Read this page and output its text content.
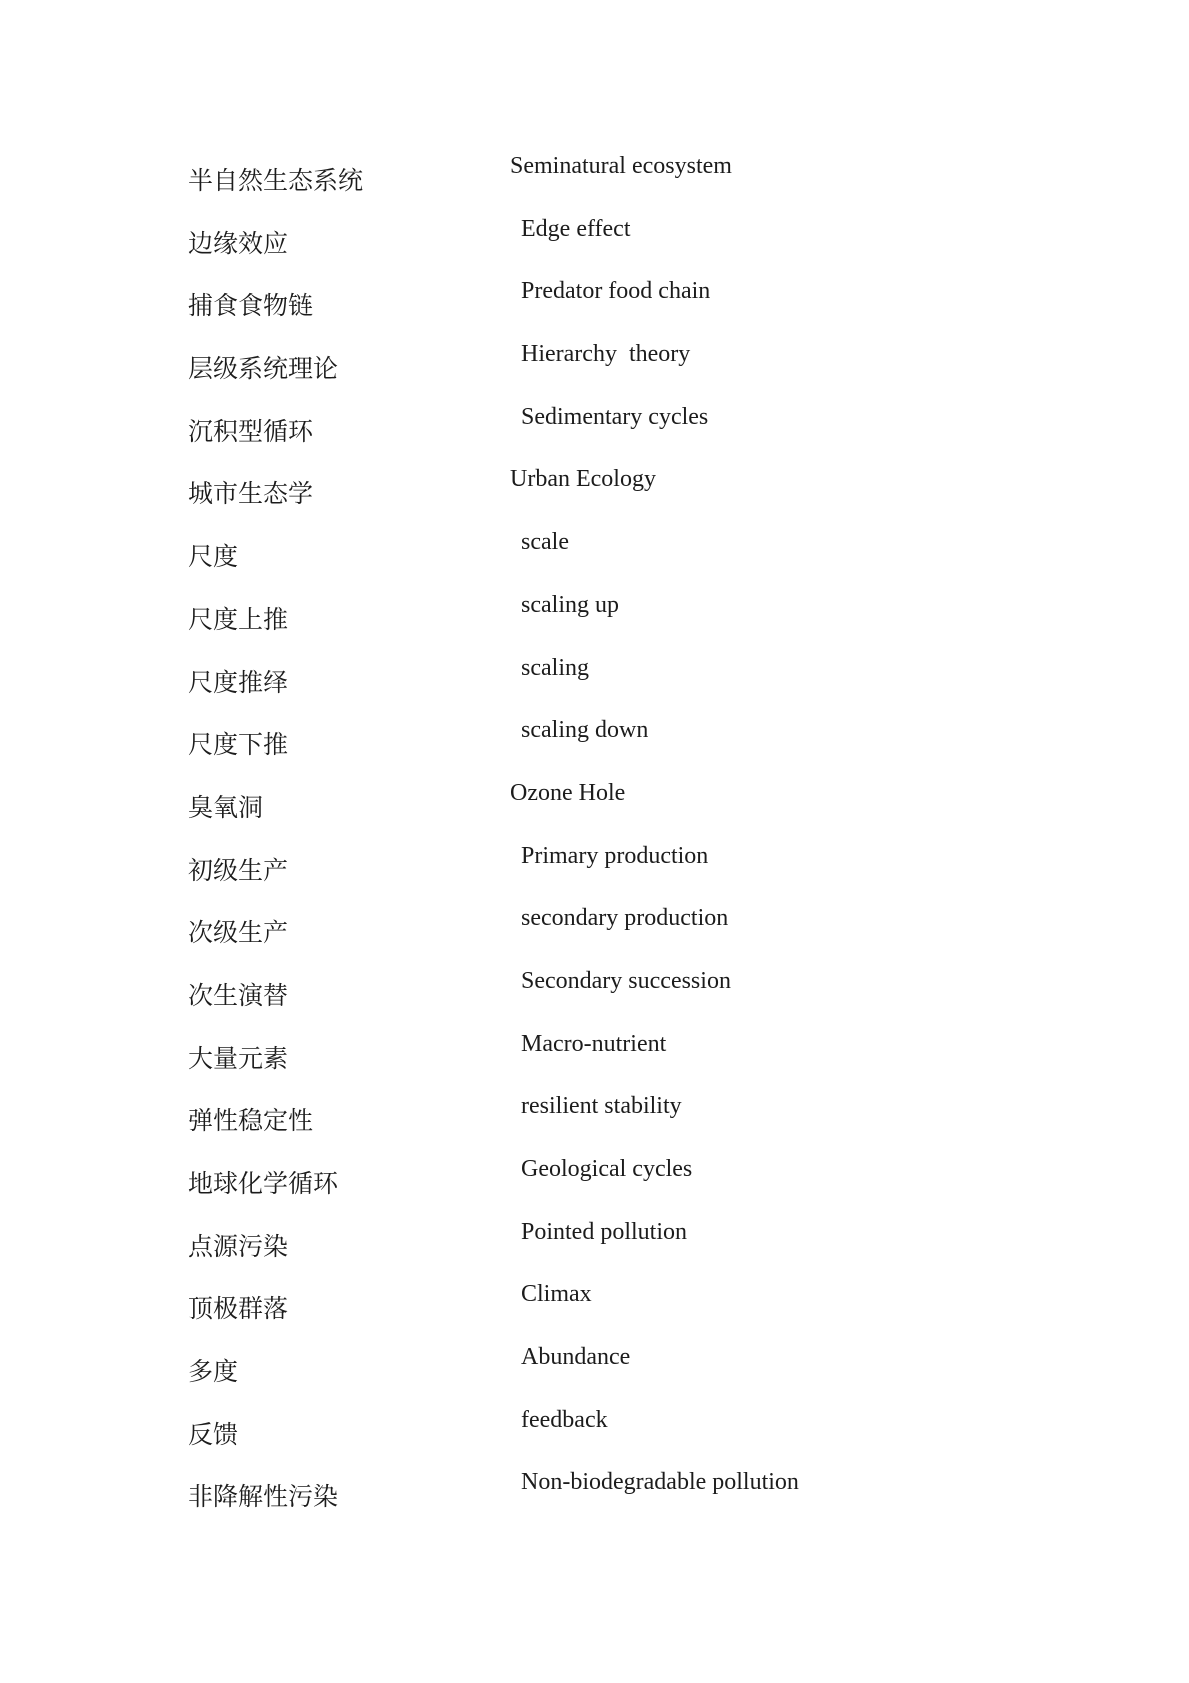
半自然生态系统
Seminatural ecosystem
边缘效应
Edge effect
捕食食物链
Predator food chain
层级系统理论
Hierarchy  theory
沉积型循环
Sedimentary cycles
城市生态学
Urban Ecology
尺度
scale
尺度上推
scaling up
尺度推绎
scaling
尺度下推
scaling down
臭氧洞
Ozone Hole
初级生产
Primary production
次级生产
secondary production
次生演替
Secondary succession
大量元素
Macro-nutrient
弹性稳定性
resilient stability
地球化学循环
Geological cycles
点源污染
Pointed pollution
顶极群落
Climax
多度
Abundance
反馈
feedback
非降解性污染
Non-biodegradable pollution
